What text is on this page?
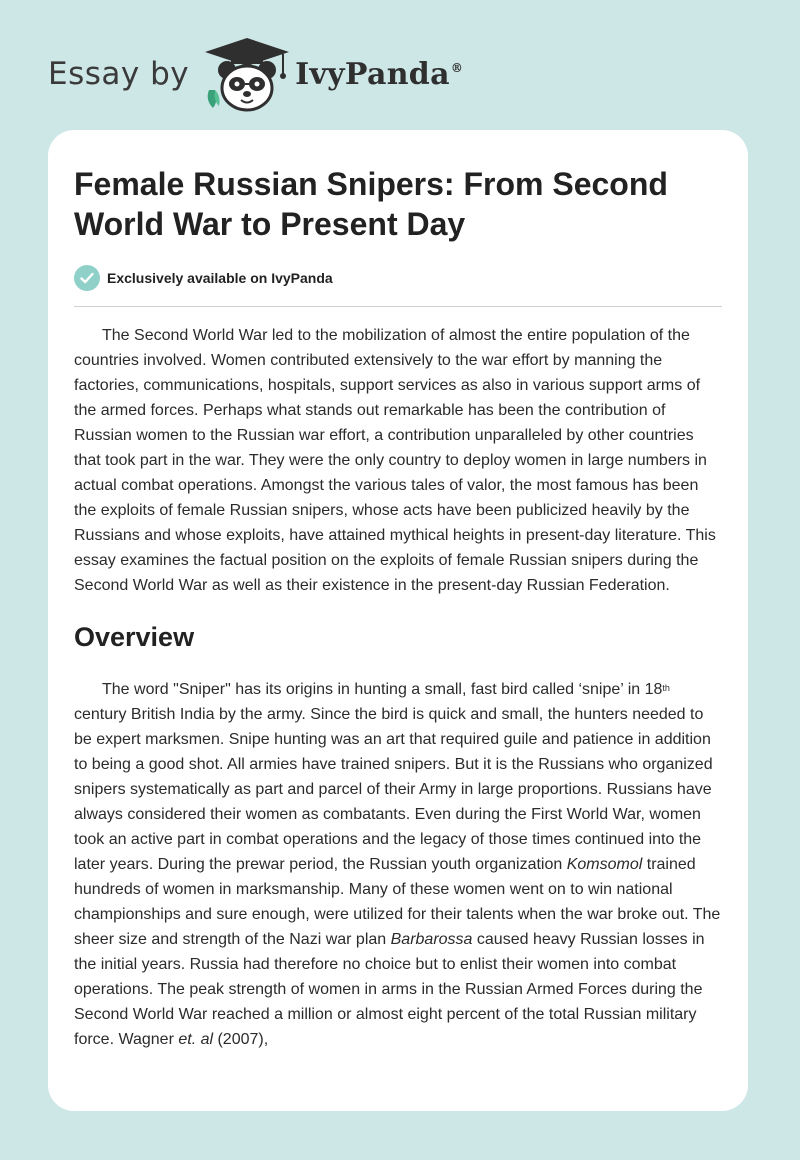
Essay by	IvyPanda®
Female Russian Snipers: From Second World War to Present Day
Exclusively available on IvyPanda

The Second World War led to the mobilization of almost the entire population of the countries involved. Women contributed extensively to the war effort by manning the factories, communications, hospitals, support services as also in various support arms of the armed forces. Perhaps what stands out remarkable has been the contribution of Russian women to the Russian war effort, a contribution unparalleled by other countries that took part in the war. They were the only country to deploy women in large numbers in actual combat operations. Amongst the various tales of valor, the most famous has been the exploits of female Russian snipers, whose acts have been publicized heavily by the Russians and whose exploits, have attained mythical heights in present-day literature. This essay examines the factual position on the exploits of female Russian snipers during the Second World War as well as their existence in the present-day Russian Federation.

Overview

The word "Sniper" has its origins in hunting a small, fast bird called ‘snipe’ in 18th century British India by the army. Since the bird is quick and small, the hunters needed to be expert marksmen. Snipe hunting was an art that required guile and patience in addition to being a good shot. All armies have trained snipers. But it is the Russians who organized snipers systematically as part and parcel of their Army in large proportions. Russians have always considered their women as combatants. Even during the First World War, women took an active part in combat operations and the legacy of those times continued into the later years. During the prewar period, the Russian youth organization Komsomol trained hundreds of women in marksmanship. Many of these women went on to win national championships and sure enough, were utilized for their talents when the war broke out. The sheer size and strength of the Nazi war plan Barbarossa caused heavy Russian losses in the initial years. Russia had therefore no choice but to enlist their women into combat operations. The peak strength of women in arms in the Russian Armed Forces during the Second World War reached a million or almost eight percent of the total Russian military force. Wagner et. al (2007),
